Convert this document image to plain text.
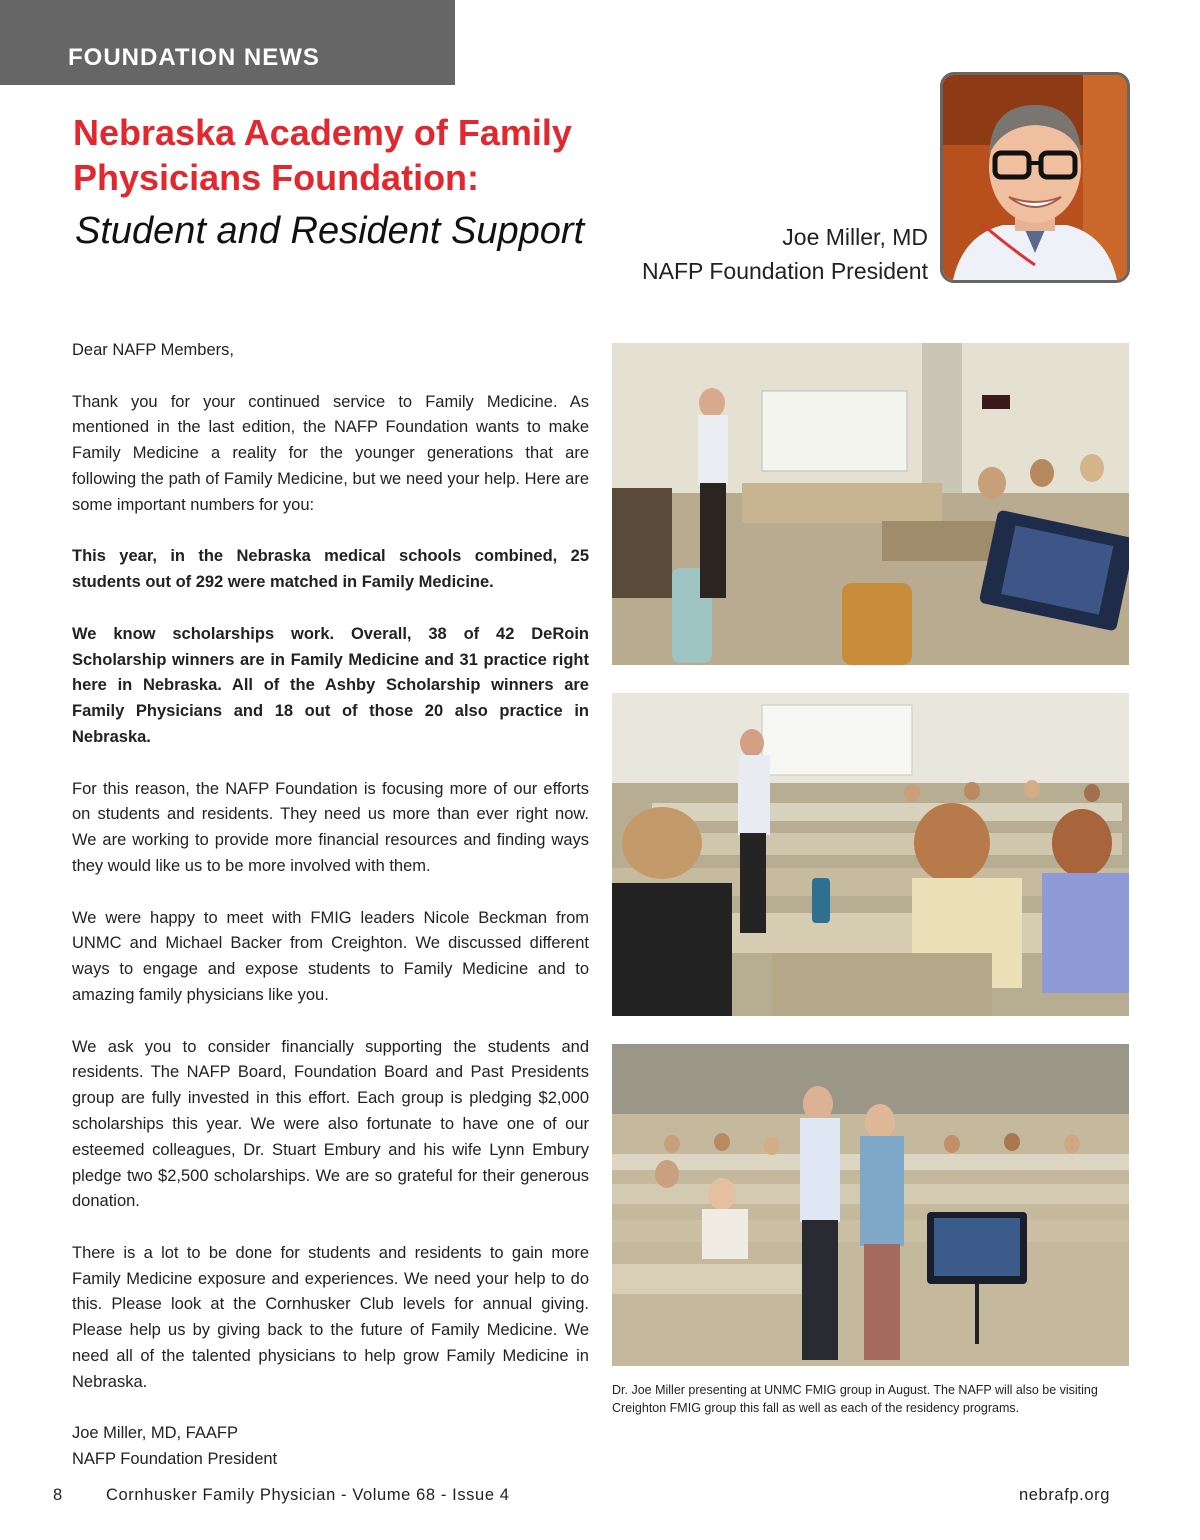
FOUNDATION NEWS
Nebraska Academy of Family
Physicians Foundation:
Student and Resident Support	Joe Miller, MD
NAFP Foundation President

Dear NAFP Members,

Thank you for your continued service to Family Medicine. As mentioned in the last edition, the NAFP Foundation wants to make Family Medicine a reality for the younger generations that are following the path of Family Medicine, but we need your help. Here are some important numbers for you:

This year, in the Nebraska medical schools combined, 25 students out of 292 were matched in Family Medicine.

We know scholarships work. Overall, 38 of 42 DeRoin Scholarship winners are in Family Medicine and 31 practice right here in Nebraska. All of the Ashby Scholarship winners are Family Physicians and 18 out of those 20 also practice in Nebraska.

For this reason, the NAFP Foundation is focusing more of our efforts on students and residents. They need us more than ever right now. We are working to provide more financial resources and finding ways they would like us to be more involved with them.

We were happy to meet with FMIG leaders Nicole Beckman from UNMC and Michael Backer from Creighton. We discussed different ways to engage and expose students to Family Medicine and to amazing family physicians like you.

We ask you to consider financially supporting the students and residents. The NAFP Board, Foundation Board and Past Presidents group are fully invested in this effort. Each group is pledging $2,000 scholarships this year. We were also fortunate to have one of our esteemed colleagues, Dr. Stuart Embury and his wife Lynn Embury pledge two $2,500 scholarships. We are so grateful for their generous donation.

There is a lot to be done for students and residents to gain more Family Medicine exposure and experiences. We need your help to do this. Please look at the Cornhusker Club levels for annual giving. Please help us by giving back to the future of Family Medicine. We need all of the talented physicians to help grow Family Medicine in Nebraska.

Joe Miller, MD, FAAFP
NAFP Foundation President
Dr. Joe Miller presenting at UNMC FMIG group in August. The NAFP will also be visiting Creighton FMIG group this fall as well as each of the residency programs.
8	Cornhusker Family Physician - Volume 68 - Issue 4	nebrafp.org
